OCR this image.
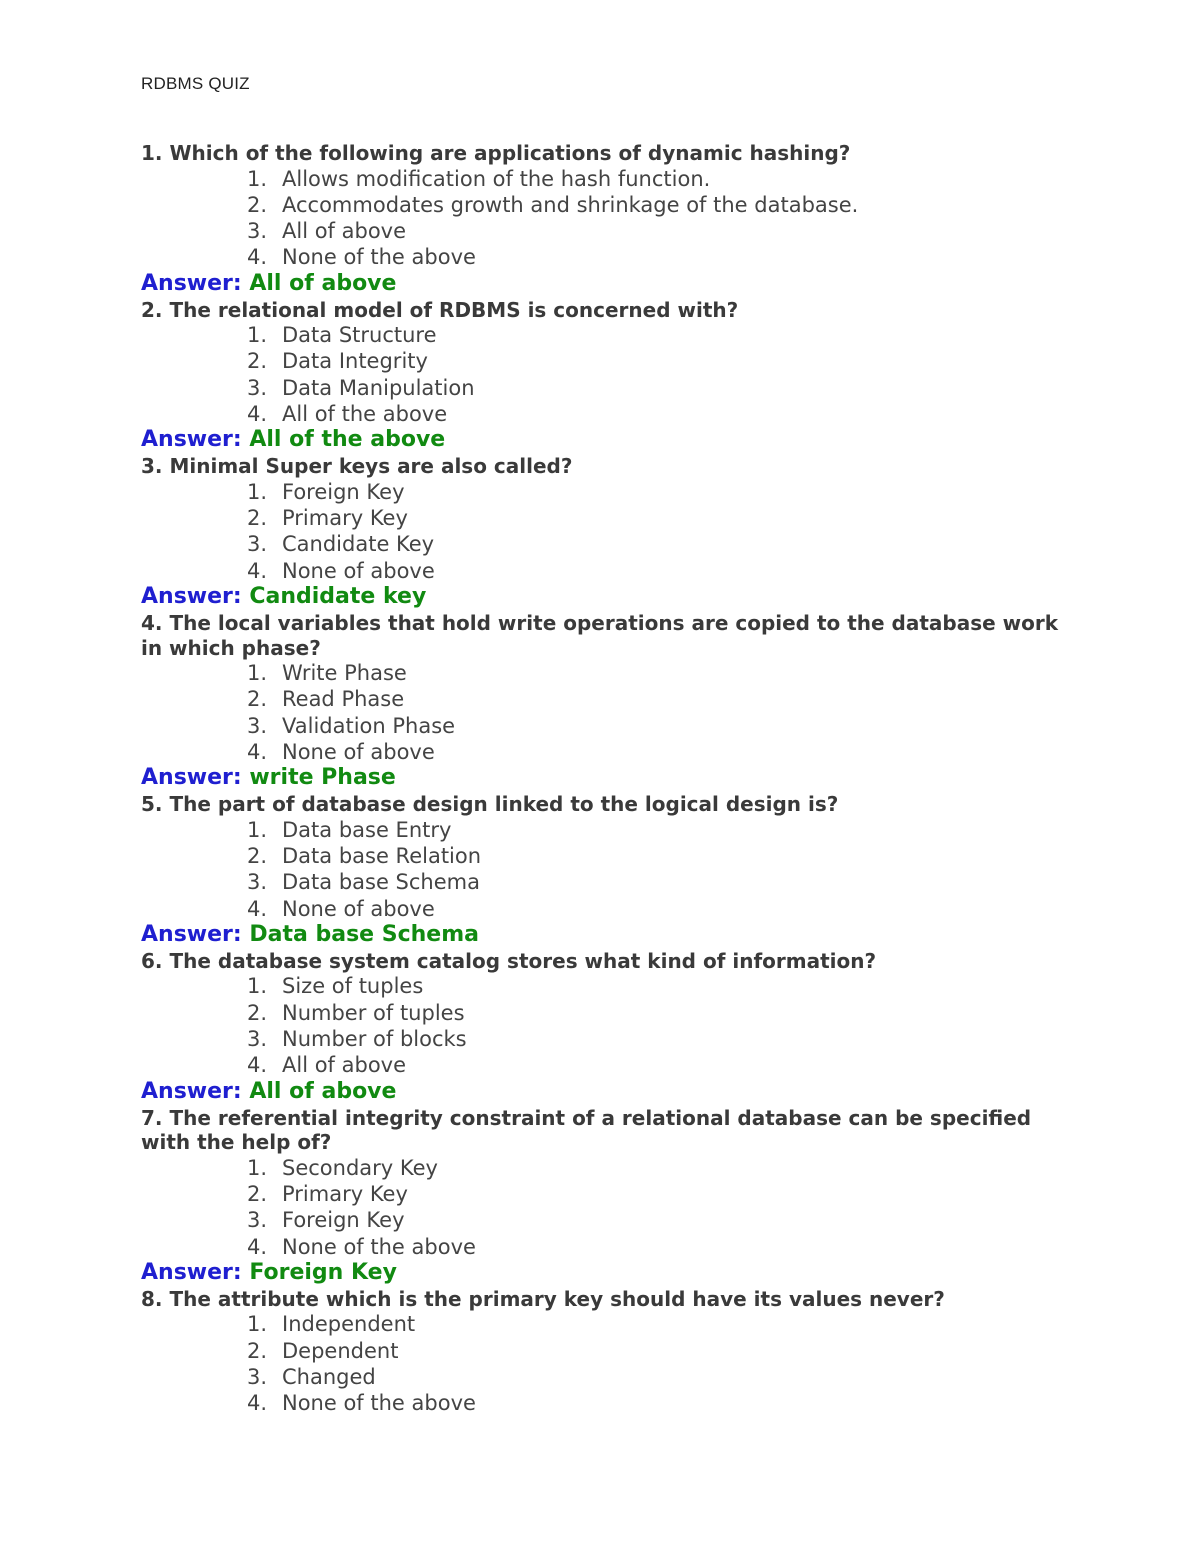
RDBMS QUIZ
1. Which of the following are applications of dynamic hashing?
1. Allows modification of the hash function.
2. Accommodates growth and shrinkage of the database.
3. All of above
4. None of the above
Answer: All of above
2. The relational model of RDBMS is concerned with?
1. Data Structure
2. Data Integrity
3. Data Manipulation
4. All of the above
Answer: All of the above
3. Minimal Super keys are also called?
1. Foreign Key
2. Primary Key
3. Candidate Key
4. None of above
Answer: Candidate key
4. The local variables that hold write operations are copied to the database work in which phase?
1. Write Phase
2. Read Phase
3. Validation Phase
4. None of above
Answer: write Phase
5. The part of database design linked to the logical design is?
1. Data base Entry
2. Data base Relation
3. Data base Schema
4. None of above
Answer: Data base Schema
6. The database system catalog stores what kind of information?
1. Size of tuples
2. Number of tuples
3. Number of blocks
4. All of above
Answer: All of above
7. The referential integrity constraint of a relational database can be specified with the help of?
1. Secondary Key
2. Primary Key
3. Foreign Key
4. None of the above
Answer: Foreign Key
8. The attribute which is the primary key should have its values never?
1. Independent
2. Dependent
3. Changed
4. None of the above
